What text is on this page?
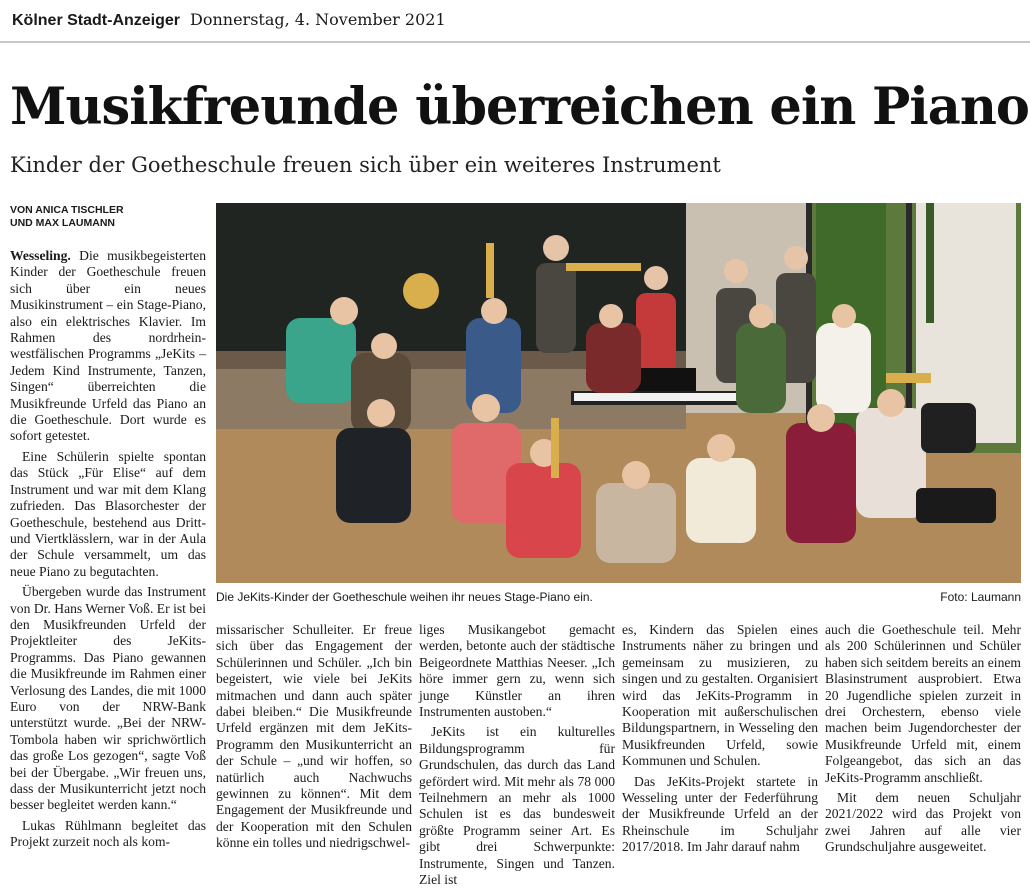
Kölner Stadt-Anzeiger Donnerstag, 4. November 2021
Musikfreunde überreichen ein Piano
Kinder der Goetheschule freuen sich über ein weiteres Instrument
VON ANICA TISCHLER
UND MAX LAUMANN

Wesseling. Die musikbegeisterten Kinder der Goetheschule freuen sich über ein neues Musikinstrument – ein Stage-Piano, also ein elektrisches Klavier. Im Rahmen des nordrhein-westfälischen Programms „JeKits – Jedem Kind Instrumente, Tanzen, Singen“ überreichten die Musikfreunde Urfeld das Piano an die Goetheschule. Dort wurde es sofort getestet.

Eine Schülerin spielte spontan das Stück „Für Elise“ auf dem Instrument und war mit dem Klang zufrieden. Das Blasorchester der Goetheschule, bestehend aus Dritt- und Viertklässlern, war in der Aula der Schule versammelt, um das neue Piano zu begutachten.

Übergeben wurde das Instrument von Dr. Hans Werner Voß. Er ist bei den Musikfreunden Urfeld der Projektleiter des JeKits-Programms. Das Piano gewannen die Musikfreunde im Rahmen einer Verlosung des Landes, die mit 1000 Euro von der NRW-Bank unterstützt wurde. „Bei der NRW-Tombola haben wir sprichwörtlich das große Los gezogen“, sagte Voß bei der Übergabe. „Wir freuen uns, dass der Musikunterricht jetzt noch besser begleitet werden kann.“

Lukas Rühlmann begleitet das Projekt zurzeit noch als kom-

Die JeKits-Kinder der Goetheschule weihen ihr neues Stage-Piano ein.	Foto: Laumann

missarischer Schulleiter. Er freue sich über das Engagement der Schülerinnen und Schüler. „Ich bin begeistert, wie viele bei JeKits mitmachen und dann auch später dabei bleiben.“ Die Musikfreunde Urfeld ergänzen mit dem JeKits-Programm den Musikunterricht an der Schule – „und wir hoffen, so natürlich auch Nachwuchs gewinnen zu können“. Mit dem Engagement der Musikfreunde und der Kooperation mit den Schulen könne ein tolles und niedrigschwel-

liges Musikangebot gemacht werden, betonte auch der städtische Beigeordnete Matthias Neeser. „Ich höre immer gern zu, wenn sich junge Künstler an ihren Instrumenten austoben.“

JeKits ist ein kulturelles Bildungsprogramm für Grundschulen, das durch das Land gefördert wird. Mit mehr als 78 000 Teilnehmern an mehr als 1000 Schulen ist es das bundesweit größte Programm seiner Art. Es gibt drei Schwerpunkte: Instrumente, Singen und Tanzen. Ziel ist

es, Kindern das Spielen eines Instruments näher zu bringen und gemeinsam zu musizieren, zu singen und zu gestalten. Organisiert wird das JeKits-Programm in Kooperation mit außerschulischen Bildungspartnern, in Wesseling den Musikfreunden Urfeld, sowie Kommunen und Schulen.

Das JeKits-Projekt startete in Wesseling unter der Federführung der Musikfreunde Urfeld an der Rheinschule im Schuljahr 2017/2018. Im Jahr darauf nahm

auch die Goetheschule teil. Mehr als 200 Schülerinnen und Schüler haben sich seitdem bereits an einem Blasinstrument ausprobiert. Etwa 20 Jugendliche spielen zurzeit in drei Orchestern, ebenso viele machen beim Jugendorchester der Musikfreunde Urfeld mit, einem Folgeangebot, das sich an das JeKits-Programm anschließt.

Mit dem neuen Schuljahr 2021/2022 wird das Projekt von zwei Jahren auf alle vier Grundschuljahre ausgeweitet.
